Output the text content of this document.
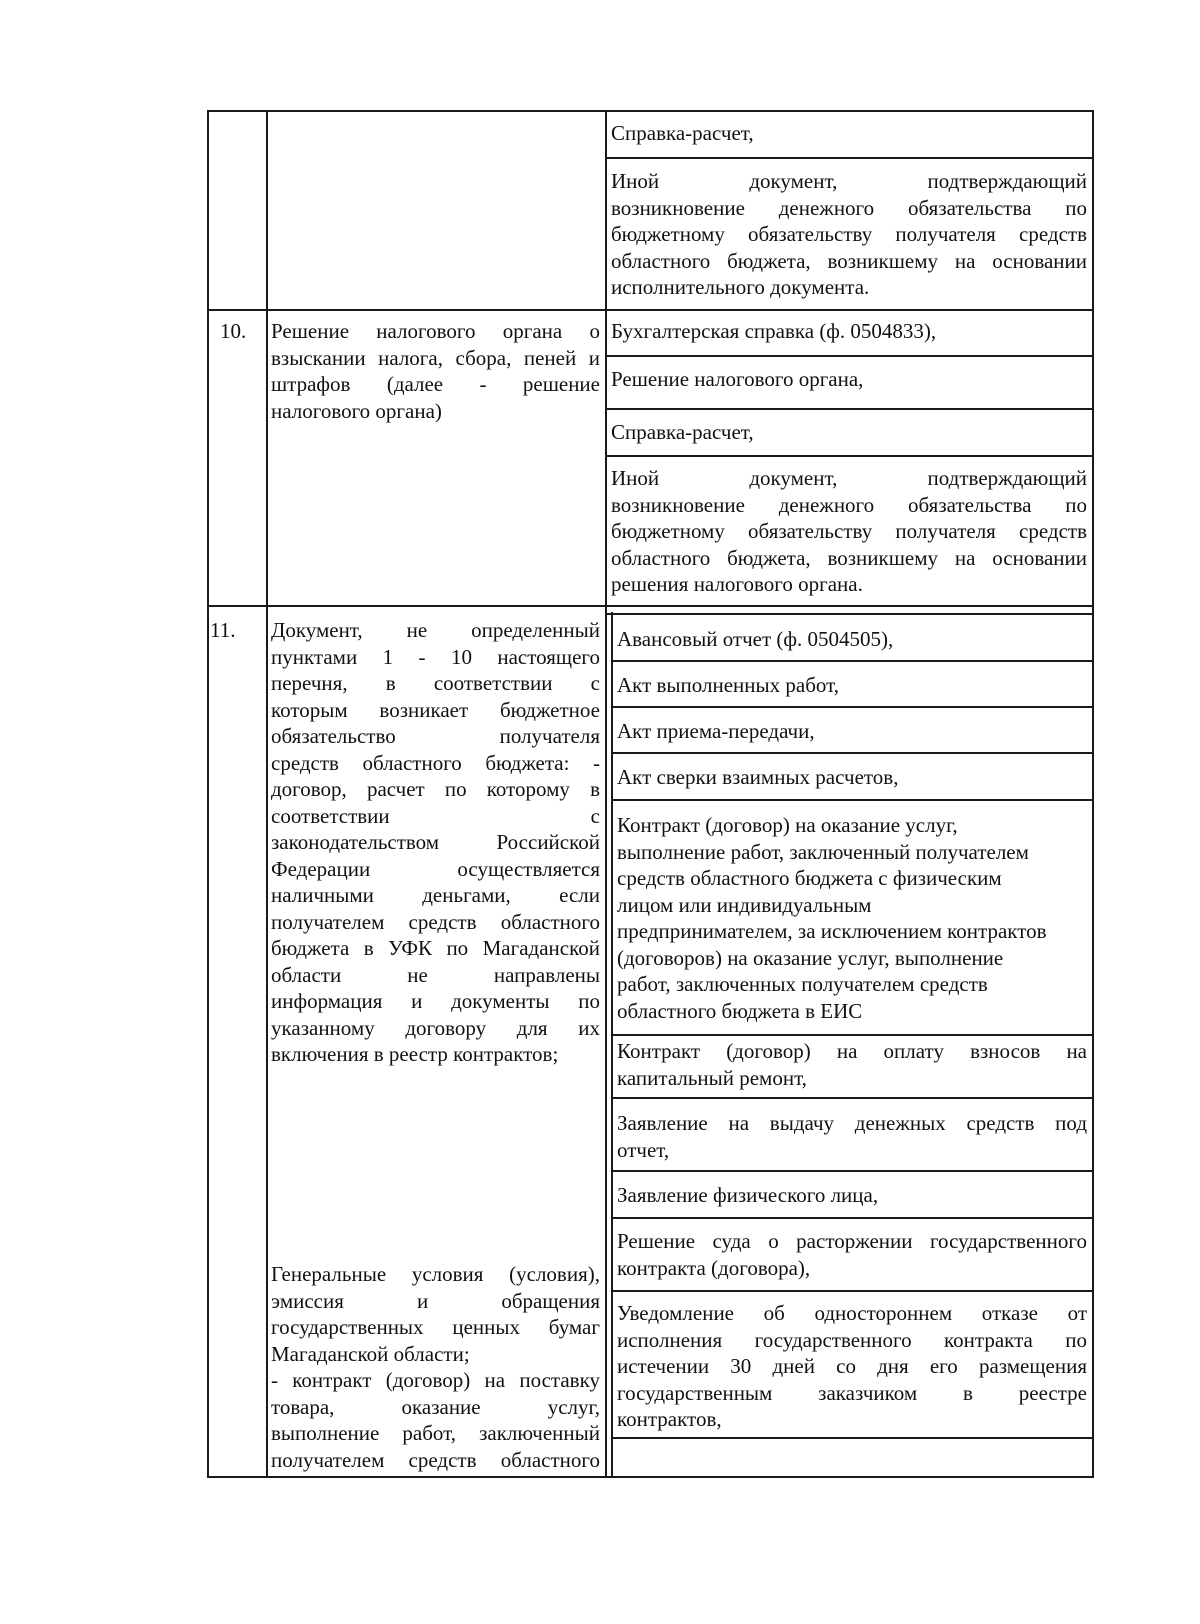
Справка-расчет,
Иной документ, подтверждающий
возникновение денежного обязательства по
бюджетному обязательству получателя средств
областного бюджета, возникшему на основании
исполнительного документа.
10. Решение налогового органа о
взыскании налога, сбора, пеней и
штрафов (далее - решение
налогового органа)
Бухгалтерская справка (ф. 0504833),
Решение налогового органа,
Справка-расчет,
Иной документ, подтверждающий
возникновение денежного обязательства по
бюджетному обязательству получателя средств
областного бюджета, возникшему на основании
решения налогового органа.
11. Документ, не определенный
пунктами 1 - 10 настоящего
перечня, в соответствии с
которым возникает бюджетное
обязательство получателя
средств областного бюджета: -
договор, расчет по которому в
соответствии с
законодательством Российской
Федерации осуществляется
наличными деньгами, если
получателем средств областного
бюджета в УФК по Магаданской
области не направлены
информация и документы по
указанному договору для их
включения в реестр контрактов;
Генеральные условия (условия),
эмиссия и обращения
государственных ценных бумаг
Магаданской области;
- контракт (договор) на поставку
товара, оказание услуг,
выполнение работ, заключенный
получателем средств областного
Авансовый отчет (ф. 0504505),
Акт выполненных работ,
Акт приема-передачи,
Акт сверки взаимных расчетов,
Контракт (договор) на оказание услуг,
выполнение работ, заключенный получателем
средств областного бюджета с физическим
лицом или индивидуальным
предпринимателем, за исключением контрактов
(договоров) на оказание услуг, выполнение
работ, заключенных получателем средств
областного бюджета в ЕИС
Контракт (договор) на оплату взносов на
капитальный ремонт,
Заявление на выдачу денежных средств под
отчет,
Заявление физического лица,
Решение суда о расторжении государственного
контракта (договора),
Уведомление об одностороннем отказе от
исполнения государственного контракта по
истечении 30 дней со дня его размещения
государственным заказчиком в реестре
контрактов,
